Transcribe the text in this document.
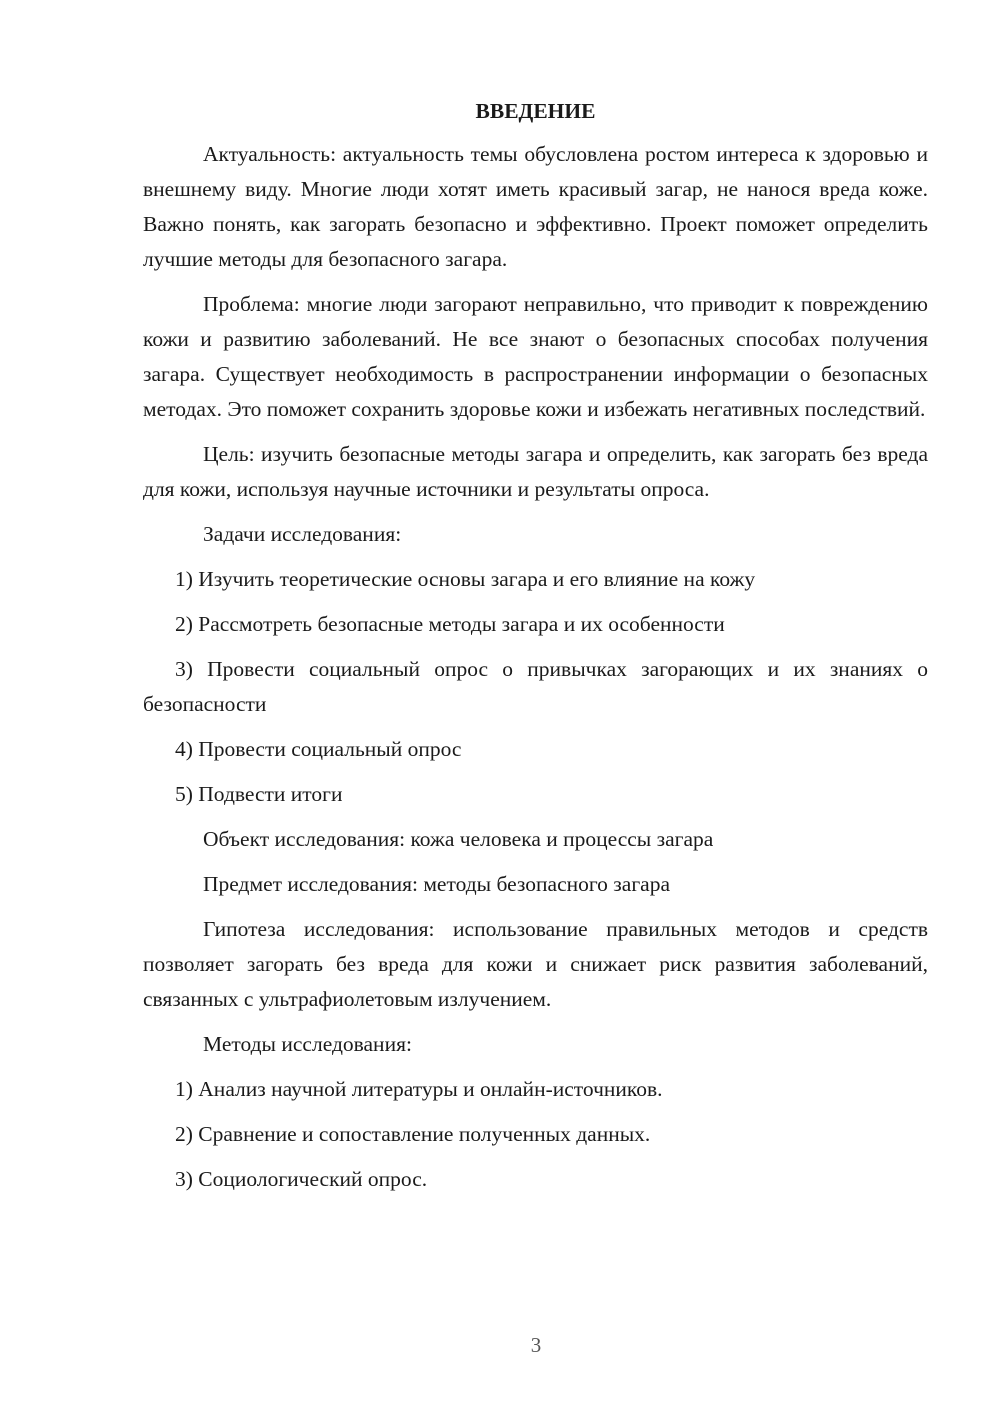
ВВЕДЕНИЕ

Актуальность: актуальность темы обусловлена ростом интереса к здоровью и внешнему виду. Многие люди хотят иметь красивый загар, не нанося вреда коже. Важно понять, как загорать безопасно и эффективно. Проект поможет определить лучшие методы для безопасного загара.

Проблема: многие люди загорают неправильно, что приводит к повреждению кожи и развитию заболеваний. Не все знают о безопасных способах получения загара. Существует необходимость в распространении информации о безопасных методах. Это поможет сохранить здоровье кожи и избежать негативных последствий.

Цель: изучить безопасные методы загара и определить, как загорать без вреда для кожи, используя научные источники и результаты опроса.

Задачи исследования:

1) Изучить теоретические основы загара и его влияние на кожу

2) Рассмотреть безопасные методы загара и их особенности

3) Провести социальный опрос о привычках загорающих и их знаниях о безопасности

4) Провести социальный опрос

5) Подвести итоги

Объект исследования: кожа человека и процессы загара

Предмет исследования: методы безопасного загара

Гипотеза исследования: использование правильных методов и средств позволяет загорать без вреда для кожи и снижает риск развития заболеваний, связанных с ультрафиолетовым излучением.

Методы исследования:

1) Анализ научной литературы и онлайн-источников.

2) Сравнение и сопоставление полученных данных.

3) Социологический опрос.

3
